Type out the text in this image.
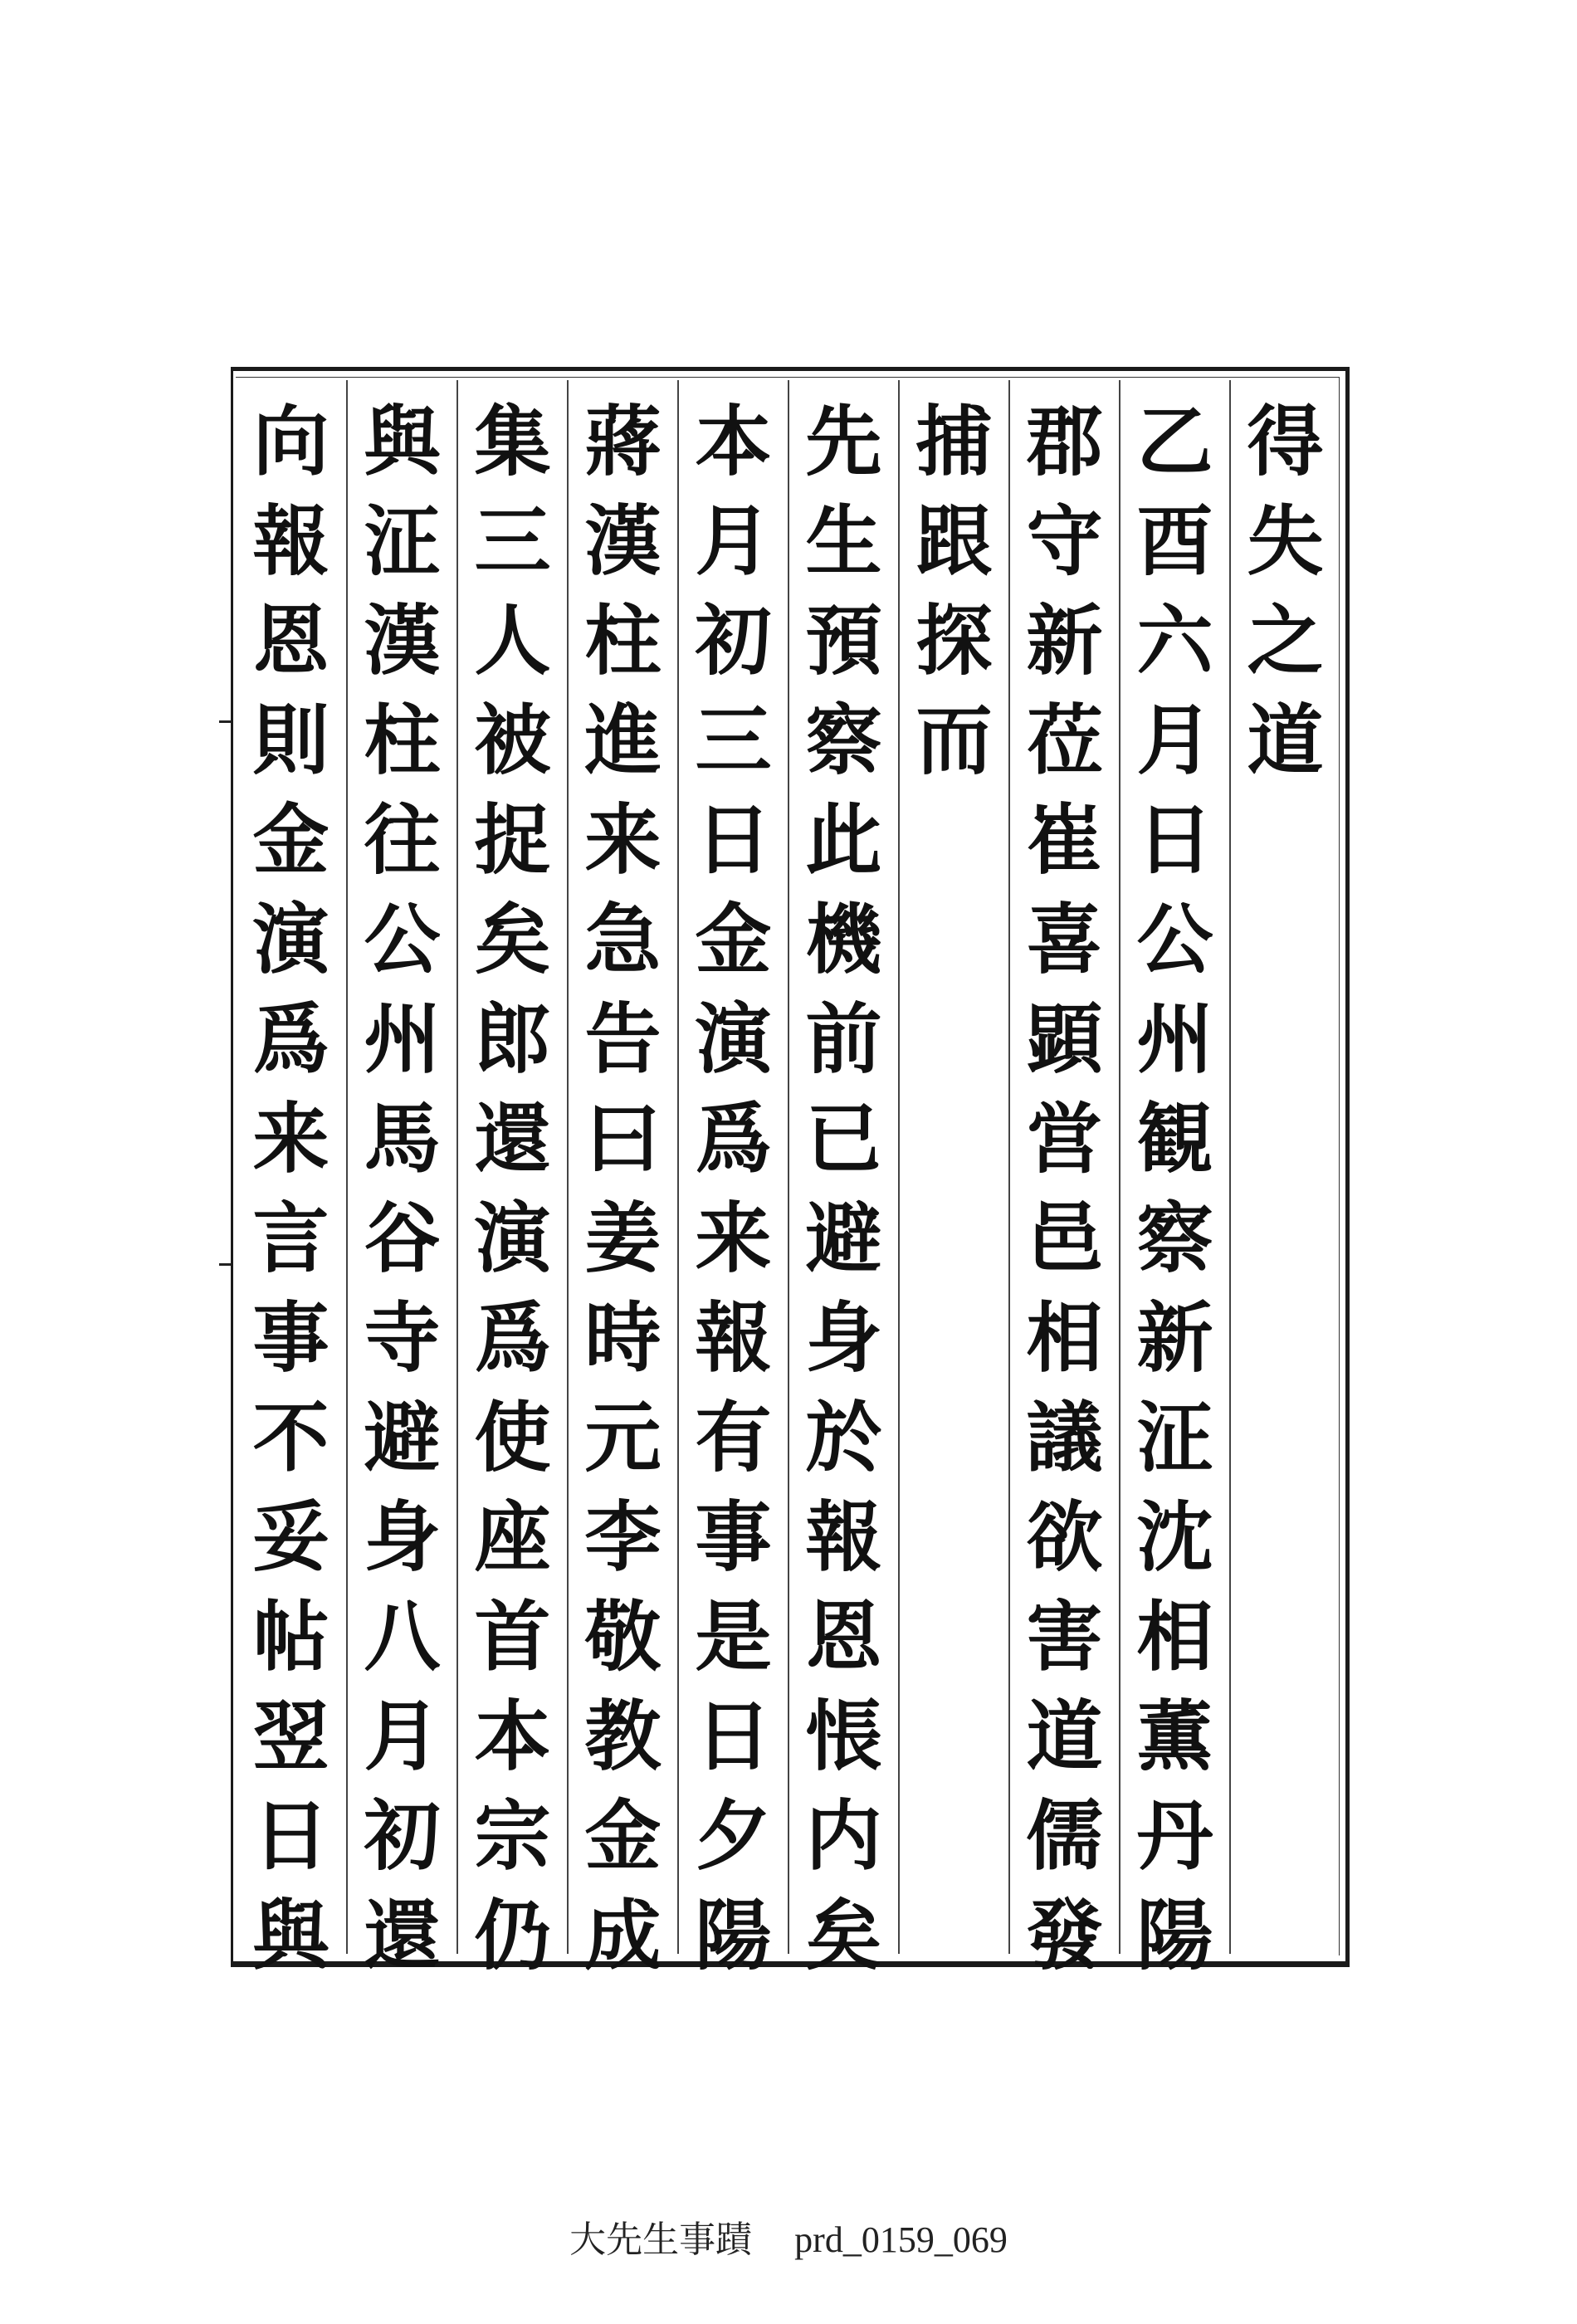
得
失
之
道
乙
酉
六
月
日
公
州
観
察
新
泟
沈
相
薫
丹
陽
郡
守
新
莅
崔
喜
顕
営
邑
相
議
欲
害
道
儒
發
捕
跟
探
而
先
生
預
察
此
機
前
已
避
身
於
報
恩
悵
内
矣
本
月
初
三
日
金
演
爲
来
報
有
事
是
日
夕
陽
蔣
漢
柱
進
来
急
告
曰
姜
時
元
李
敬
教
金
成
集
三
人
被
捉
矣
郎
還
演
爲
使
座
首
本
宗
仍
與
泟
漢
柱
往
公
州
馬
谷
寺
避
身
八
月
初
還
向
報
恩
則
金
演
爲
来
言
事
不
妥
帖
翌
日
與
大先生事蹟 prd_0159_069
